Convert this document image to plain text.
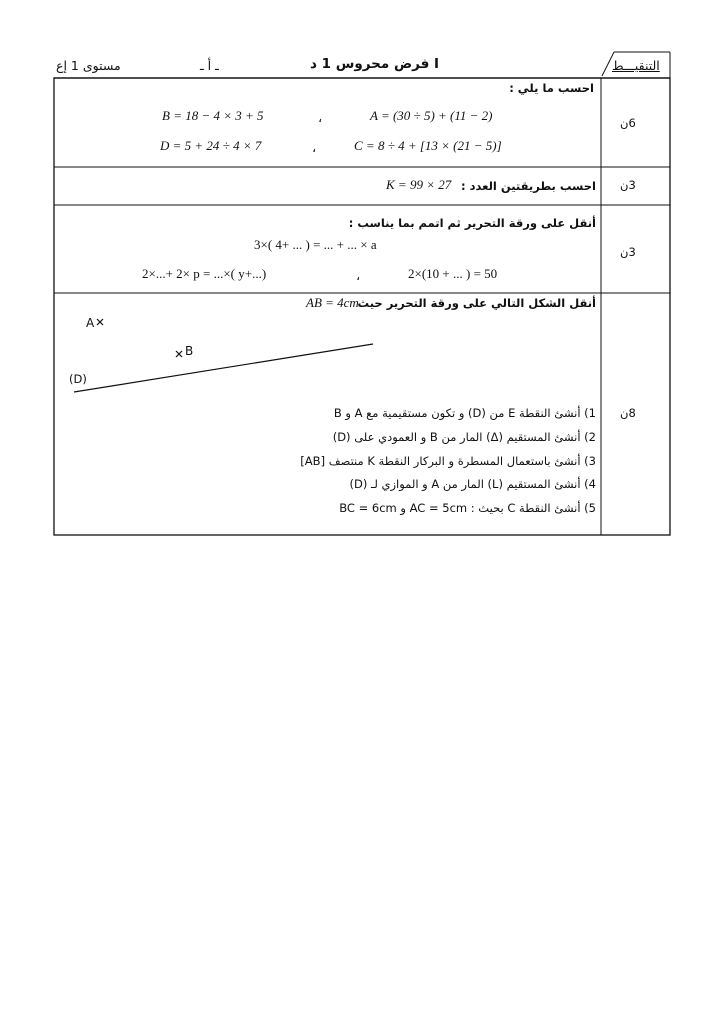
مستوى 1 إع	ـ أ ـ	فرض محروس 1 د I	التنقيـــط
6ن
احسب ما يلي :
A = (30 ÷ 5) + (11 − 2)
،
B = 18 − 4 × 3 + 5
C = 8 ÷ 4 + [13 × (21 − 5)]
،
D = 5 + 24 ÷ 4 × 7
3ن
احسب بطريقتين العدد :
K = 99 × 27
3ن
أنقل على ورقة التحرير ثم اتمم بما يناسب :
3×( 4+ ... ) = ... + ... × a
2×(10 + ... ) = 50
،
2×...+ 2× p = ...×( y+...)
8ن
أنقل الشكل التالي على ورقة التحرير حيث
AB = 4cm
A
B
(D)
1) أنشئ النقطة E من (D) و تكون مستقيمية مع A و B
2) أنشئ المستقيم (Δ) المار من B و العمودي على (D)
3) أنشئ باستعمال المسطرة و البركار النقطة K منتصف [AB]
4) أنشئ المستقيم (L) المار من A و الموازي لـ (D)
5) أنشئ النقطة C بحيث : AC = 5cm و BC = 6cm
